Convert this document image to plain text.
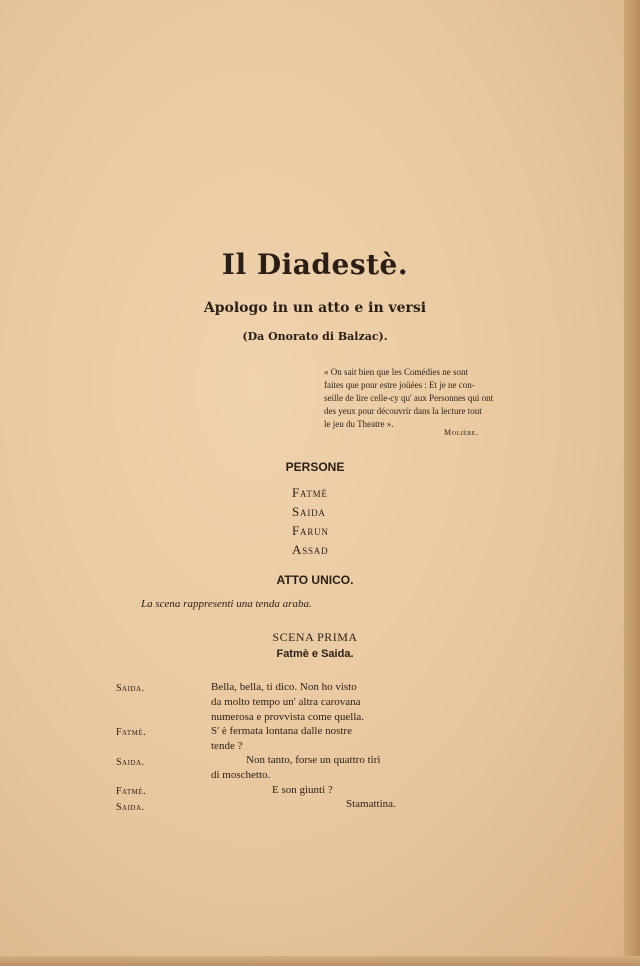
Il Diadestè.
Apologo in un atto e in versi
(Da Onorato di Balzac).
« On sait bien que les Comédies ne sont
faites que pour estre joüées : Et je ne con-
seille de lire celle-cy qu' aux Personnes qui ont
des yeux pour découvrir dans la lecture tout
le jeu du Theatre ».
Molière.
PERSONE
Fatmè
Saida
Farun
Assad
ATTO UNICO.
La scena rappresenti una tenda araba.
SCENA PRIMA
Fatmè e Saida.
Saida.
Fatmè.
Saida.
Fatmè.
Saida.
Bella, bella, ti dico. Non ho visto
da molto tempo un' altra carovana
numerosa e provvista come quella.
S' è fermata lontana dalle nostre
tende ?
Non tanto, forse un quattro tiri
di moschetto.
E son giunti ?
Stamattina.
